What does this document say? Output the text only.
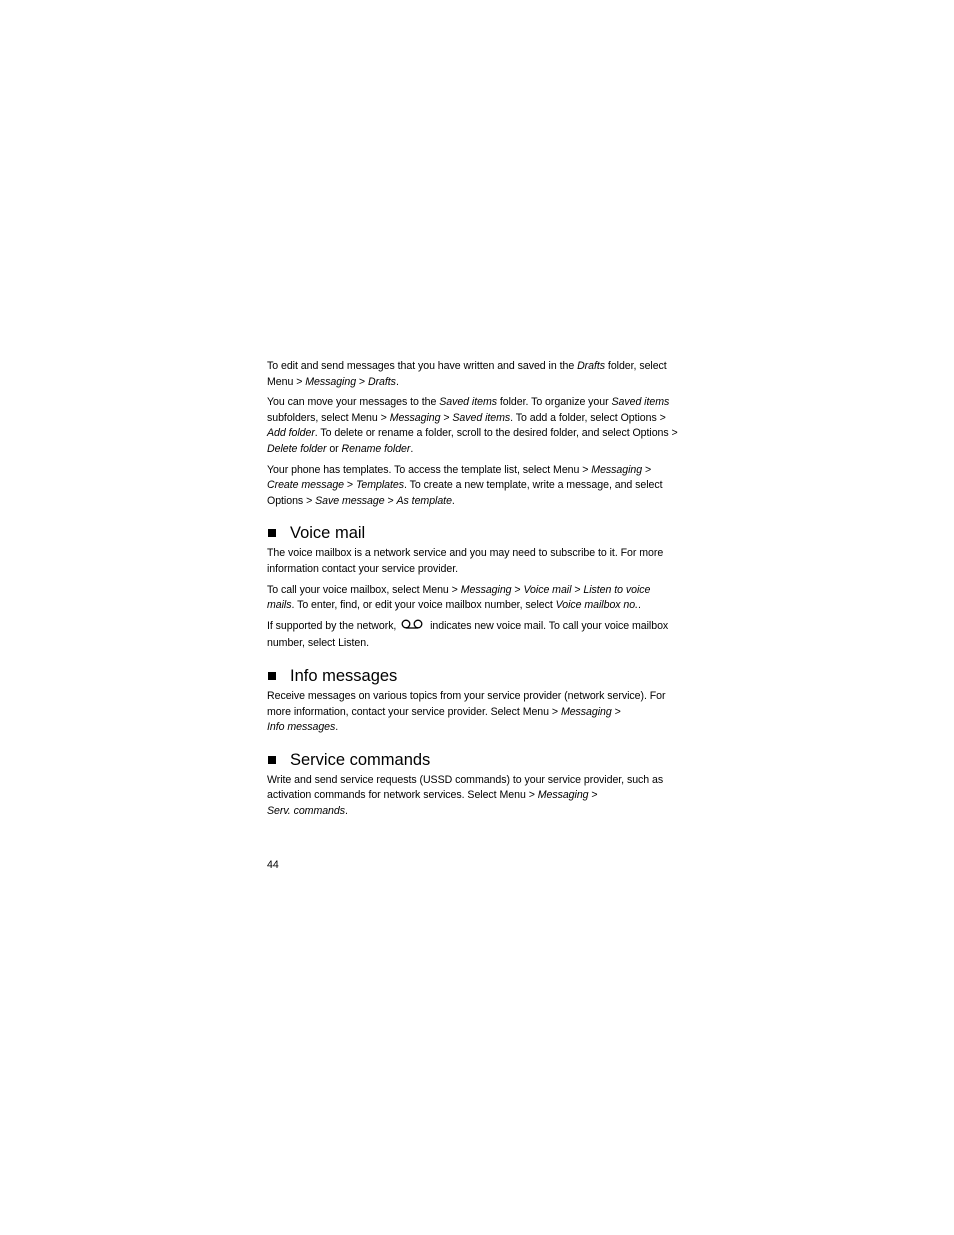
To edit and send messages that you have written and saved in the Drafts folder, select
Menu > Messaging > Drafts.

You can move your messages to the Saved items folder. To organize your Saved items
subfolders, select Menu > Messaging > Saved items. To add a folder, select Options >
Add folder. To delete or rename a folder, scroll to the desired folder, and select Options >
Delete folder or Rename folder.

Your phone has templates. To access the template list, select Menu > Messaging >
Create message > Templates. To create a new template, write a message, and select
Options > Save message > As template.

Voice mail

The voice mailbox is a network service and you may need to subscribe to it. For more information contact your service provider.

To call your voice mailbox, select Menu > Messaging > Voice mail > Listen to voice mails. To enter, find, or edit your voice mailbox number, select Voice mailbox no..

If supported by the network,	indicates new voice mail. To call your voice mailbox number, select Listen.

Info messages

Receive messages on various topics from your service provider (network service). For more information, contact your service provider. Select Menu > Messaging >
Info messages.

Service commands

Write and send service requests (USSD commands) to your service provider, such as activation commands for network services. Select Menu > Messaging >
Serv. commands.

44
